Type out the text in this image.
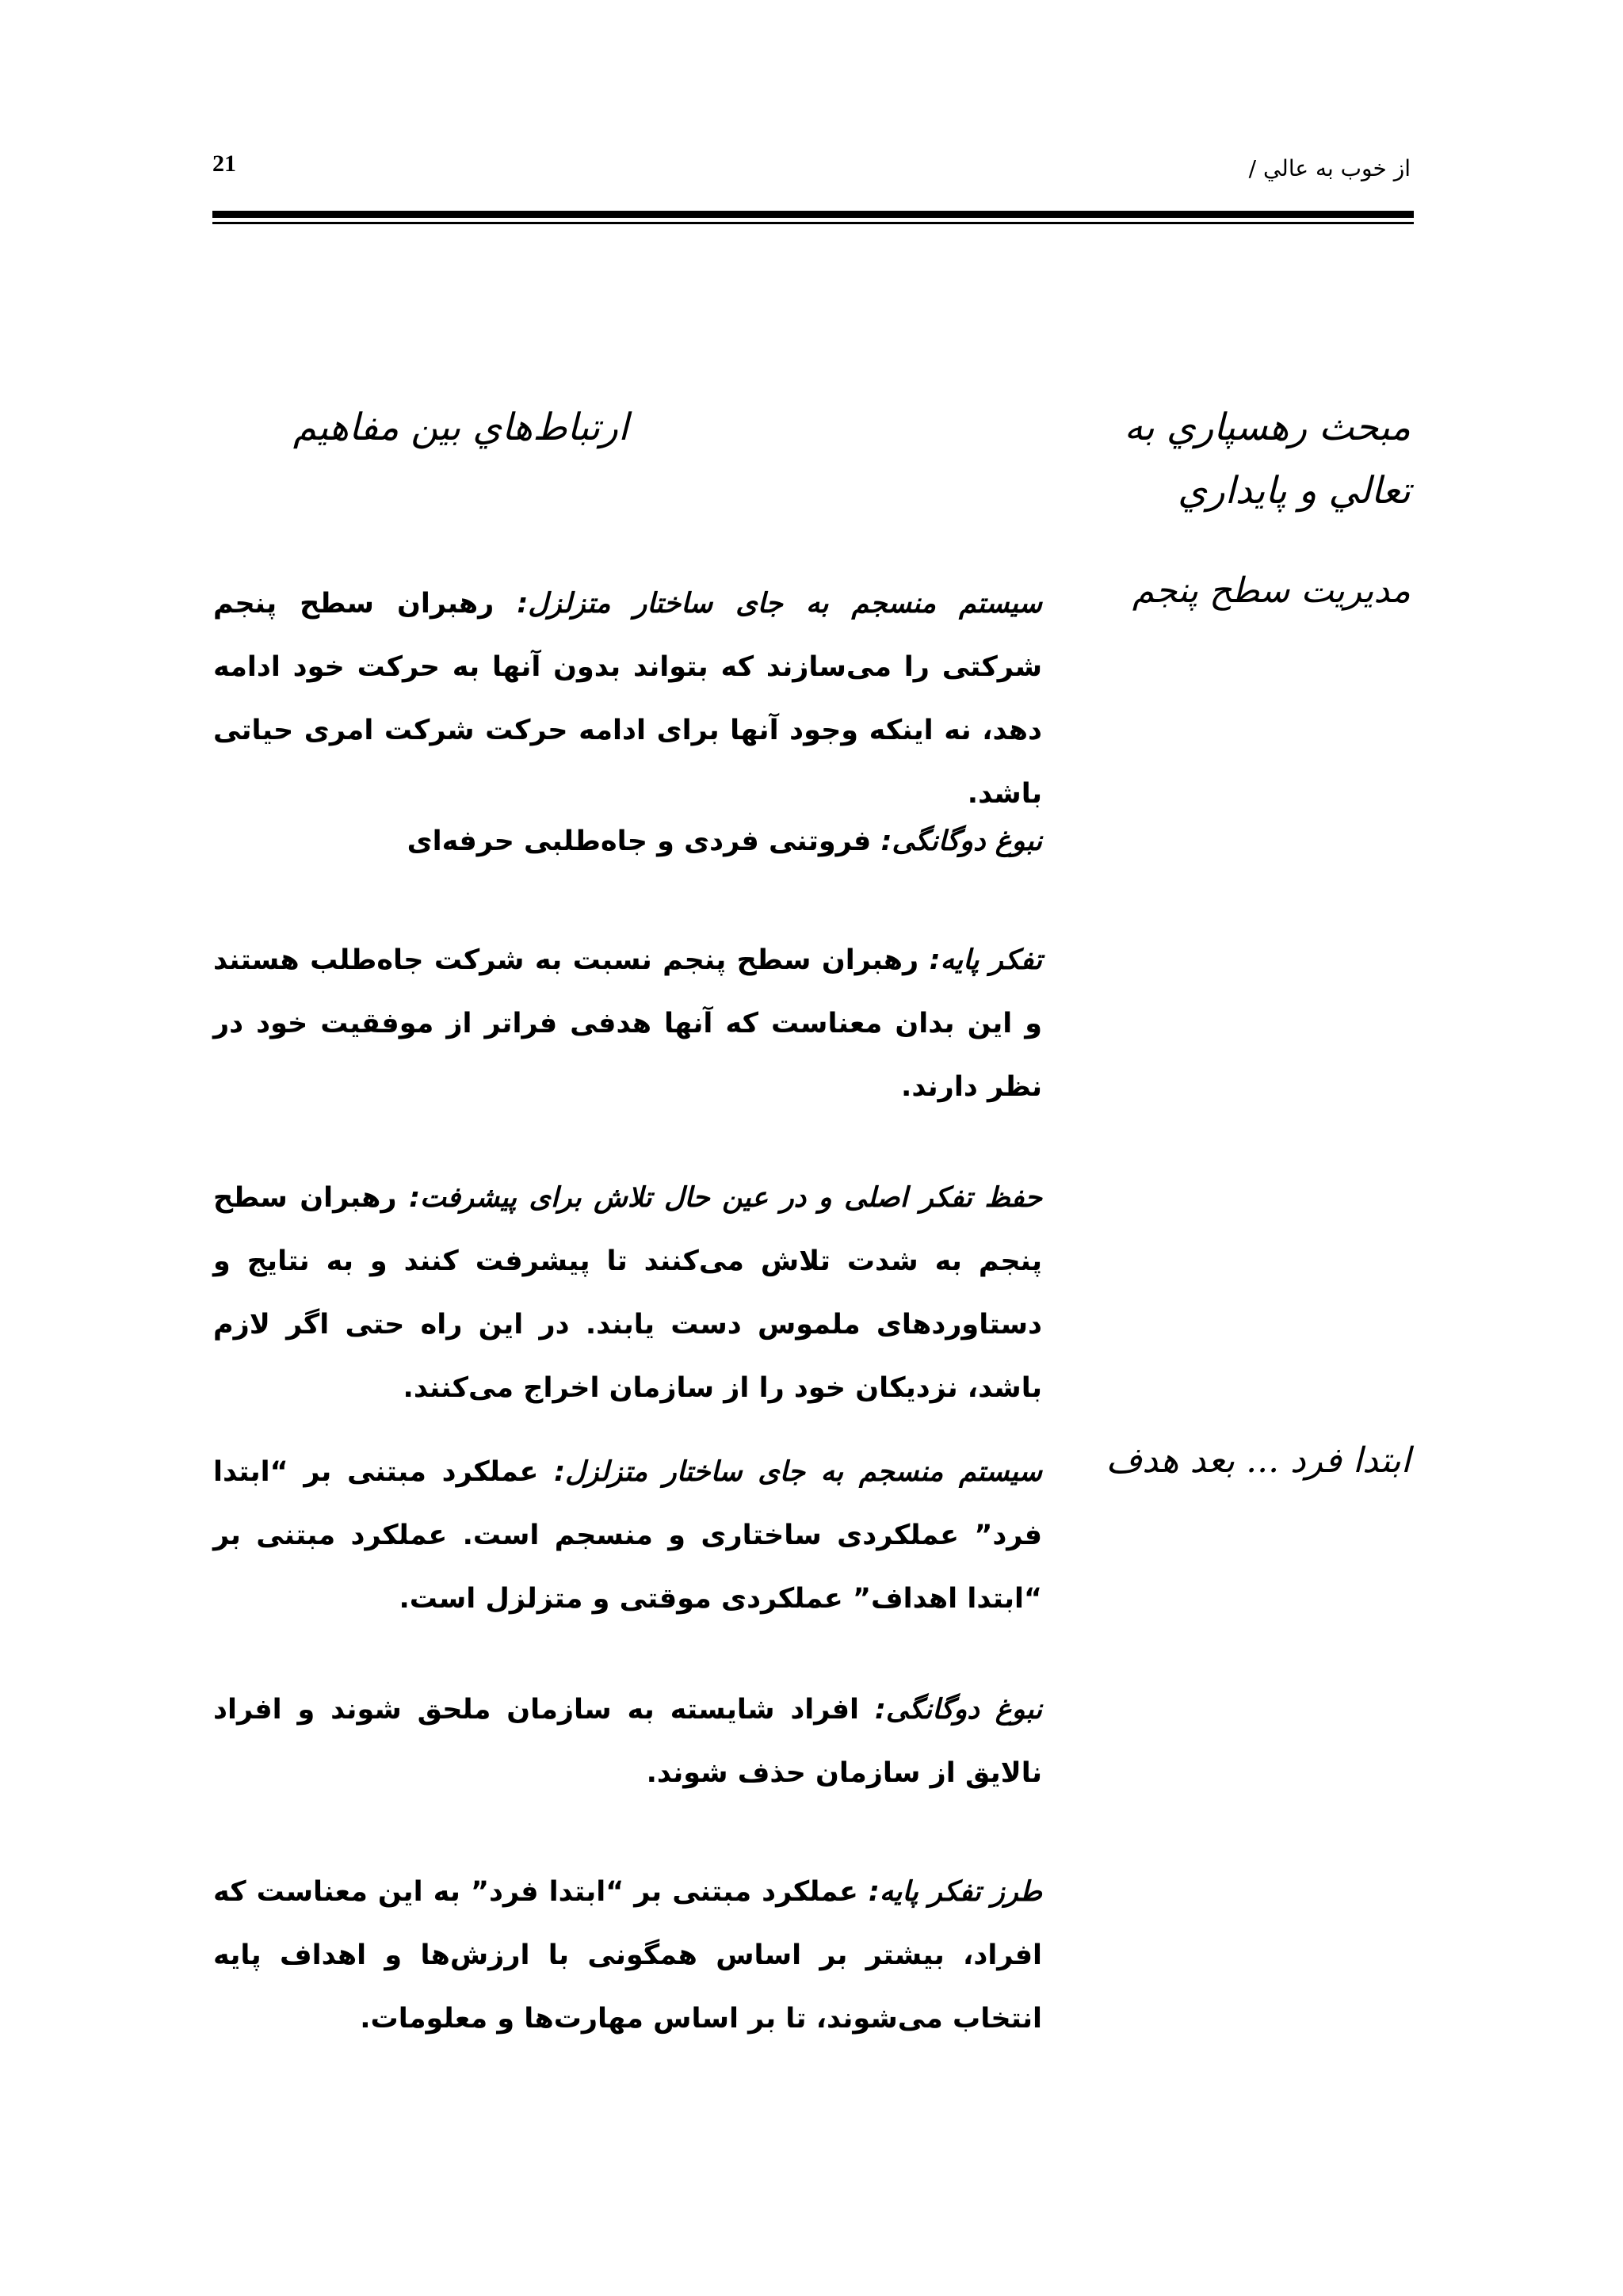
از خوب به عالي /
21
مبحث رهسپاري به تعالي و پايداري
ارتباط‌هاي بين مفاهيم
مديريت سطح پنجم
سیستم منسجم به جای ساختار متزلزل: رهبران سطح پنجم شرکتی را می‌سازند که بتواند بدون آنها به حرکت خود ادامه دهد، نه اینکه وجود آنها برای ادامه حرکت شرکت امری حیاتی باشد.
نبوغ دوگانگی: فروتنی فردی و جاه‌طلبی حرفه‌ای
تفکر پایه: رهبران سطح پنجم نسبت به شرکت جاه‌طلب هستند و این بدان معناست که آنها هدفی فراتر از موفقیت خود در نظر دارند.
حفظ تفکر اصلی و در عین حال تلاش برای پیشرفت: رهبران سطح پنجم به شدت تلاش می‌کنند تا پیشرفت کنند و به نتایج و دستاوردهای ملموس دست یابند. در این راه حتی اگر لازم باشد، نزدیکان خود را از سازمان اخراج می‌کنند.
ابتدا فرد ... بعد هدف
سیستم منسجم به جای ساختار متزلزل: عملکرد مبتنی بر “ابتدا فرد” عملکردی ساختاری و منسجم است. عملکرد مبتنی بر “ابتدا اهداف” عملکردی موقتی و متزلزل است.
نبوغ دوگانگی: افراد شایسته به سازمان ملحق شوند و افراد نالایق از سازمان حذف شوند.
طرز تفکر پایه: عملکرد مبتنی بر “ابتدا فرد” به این معناست که افراد، بیشتر بر اساس همگونی با ارزش‌ها و اهداف پایه انتخاب می‌شوند، تا بر اساس مهارت‌ها و معلومات.
